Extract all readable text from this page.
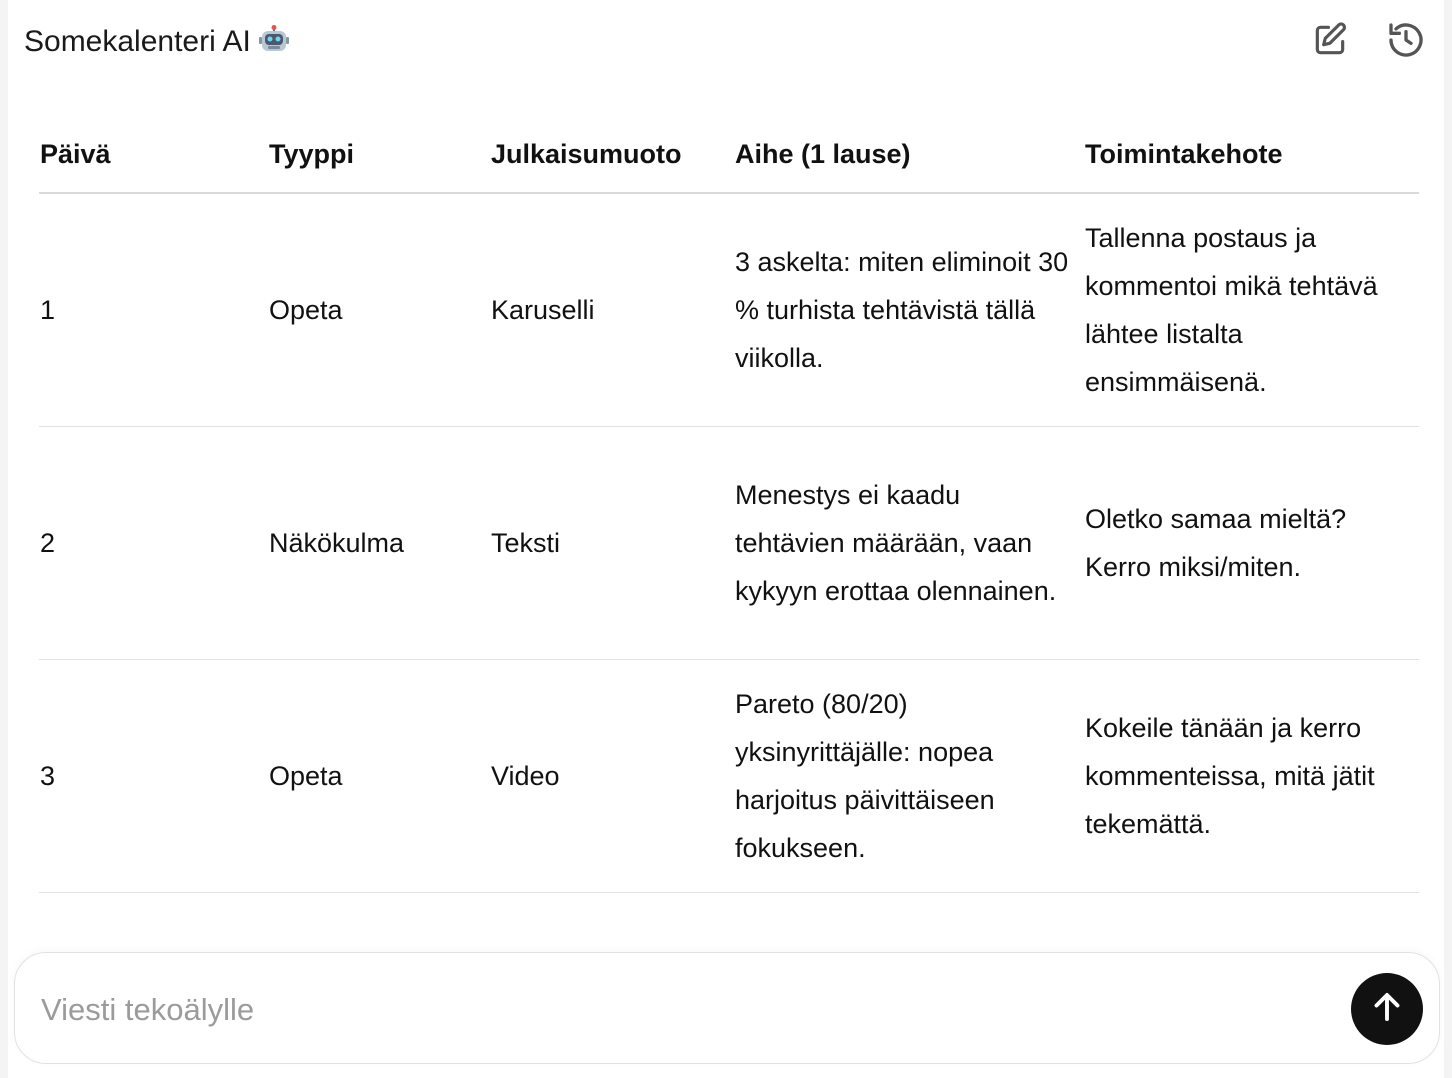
Somekalenteri AI
Päivä	Tyyppi	Julkaisumuoto	Aihe (1 lause)	Toimintakehote
1	Opeta	Karuselli	3 askelta: miten eliminoit 30 % turhista tehtävistä tällä viikolla.	Tallenna postaus ja kommentoi mikä tehtävä lähtee listalta ensimmäisenä.
2	Näkökulma	Teksti	Menestys ei kaadu tehtävien määrään, vaan kykyyn erottaa olennainen.	Oletko samaa mieltä? Kerro miksi/miten.
3	Opeta	Video	Pareto (80/20) yksinyrittäjälle: nopea harjoitus päivittäiseen fokukseen.	Kokeile tänään ja kerro kommenteissa, mitä jätit tekemättä.

Viesti tekoälylle
